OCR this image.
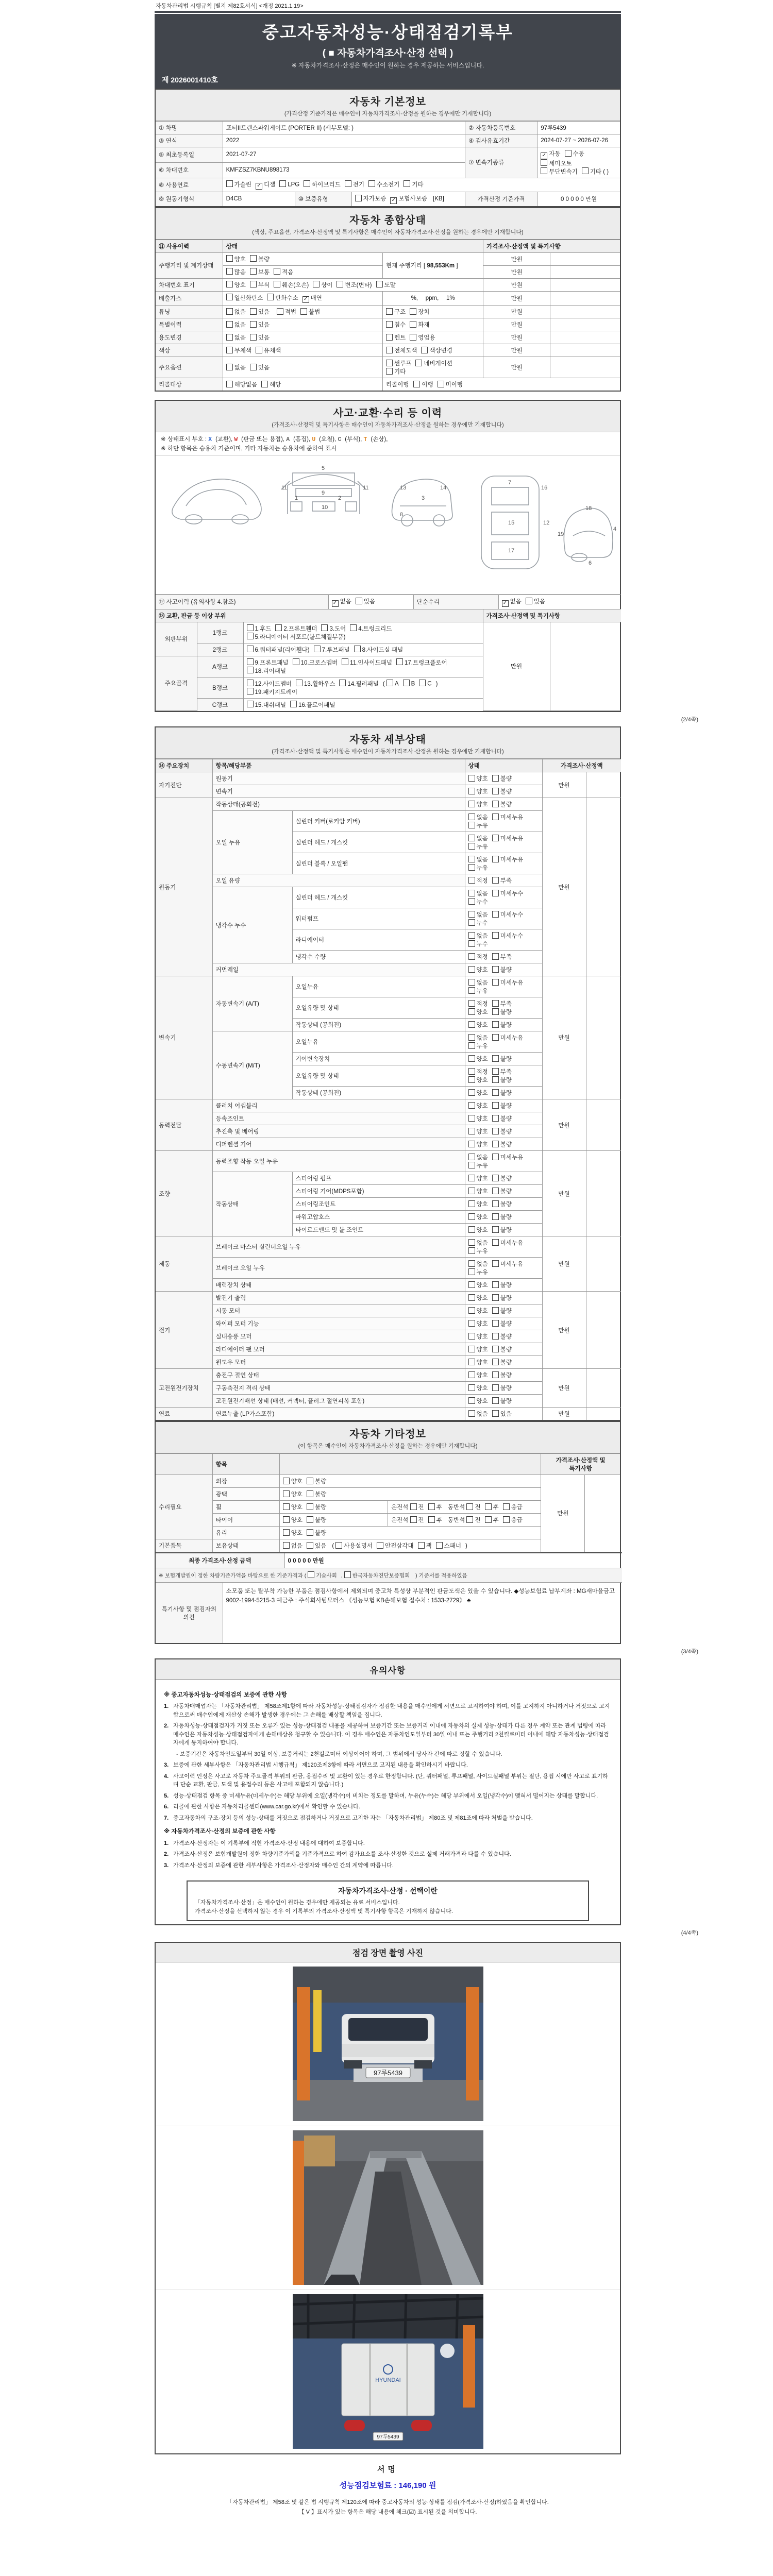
자동차관리법 시행규칙 [별지 제82호서식] <개정 2021.1.19>
중고자동차성능·상태점검기록부
( ■ 자동차가격조사·산정 선택 )
※ 자동차가격조사·산정은 매수인이 원하는 경우 제공하는 서비스입니다.
제 2026001410호
자동차 기본정보
(가격산정 기준가격은 매수인이 자동차가격조사·산정을 원하는 경우에만 기재합니다)
① 차명	포터II트랜스파워게이트 (PORTER II) (세부모델: )			② 자동차등록번호	97루5439

③ 연식	2022			④ 검사유효기간	2024-07-27 ~ 2026-07-26

⑤ 최초등록일	2021-07-27			⑦ 변속기종류	✓ 자동 수동세미오토
무단변속기 기타 ( )

⑥ 차대번호	KMFZSZ7KBNU898173				

⑧ 사용연료	가솔린 ✓ 디젤 LPG 하이브리드 전기 수소전기 기타				

⑨ 원동기형식	D4CB	⑩ 보증유형	자가보증 ✓ 보험사보증 [KB]	가격산정 기준가격	0 0 0 0 0 만원
자동차 종합상태
(색상, 주요옵션, 가격조사·산정액 및 특기사항은 매수인이 자동차가격조사·산정을 원하는 경우에만 기재합니다)
⑪ 사용이력	상태		가격조사·산정액 및 특기사항	

주행거리 및 계기상태	양호 불량	현재 주행거리 [ 98,553Km ]	만원	

	많음 보통 적음		만원	

차대번호 표기	양호 부식 훼손(오손) 상이 변조(변타) 도말		만원	

배출가스	일산화탄소 탄화수소 ✓ 매연	%,  ppm,  1%	만원	

튜닝	없음 있음  적법 불법	구조 장치	만원	

특별이력	없음 있음	침수 화재	만원	

용도변경	없음 있음	렌트 영업용	만원	

색상	무채색 유채색	전체도색 색상변경	만원	

주요옵션	없음 있음	썬루프 네비게이션기타	만원	

리콜대상	해당없음 해당	리콜이행  이행 미이행		
사고·교환·수리 등 이력
(가격조사·산정액 및 특기사항은 매수인이 자동차가격조사·산정을 원하는 경우에만 기재합니다)
※ 상태표시 부호 : X (교환), W (판금 또는 용접), A (흠집), U (요철), C (부식), T (손상),
※ 하단 항목은 승용차 기준이며, 기타 자동차는 승용차에 준하여 표시
11
5
9
1	2
10
11	13
3
14
8
7
15
17
12
16
18
4
6
19
⑫ 사고이력 (유의사항 4.참조)	✓ 없음 있음	단순수리	✓ 없음 있음
⑬ 교환, 판금 등 이상 부위			가격조사·산정액 및 특기사항	

외판부위	1랭크	1.후드 2.프론트휀더 3.도어 4.트렁크리드
5.라디에이터 서포트(볼트체결부품)	만원	

	2랭크	6.쿼터패널(리어휀다) 7.루브패널 8.사이드실 패널		

주요골격	A랭크	9.프론트패널 10.크로스멤버 11.인사이드패널 17.트렁크플로어
18.리어패널		

	B랭크	12.사이드멤버 13.휠하우스 14.필러패널 ( A B C )
19.패키지트레이		

	C랭크	15.대쉬패널 16.플로어패널		
(2/4쪽)
자동차 세부상태
(가격조사·산정액 및 특기사항은 매수인이 자동차가격조사·산정을 원하는 경우에만 기재합니다)
⑭ 주요장치	항목/해당부품		상태	가격조사·산정액	

자기진단	원동기		양호 불량	만원	

	변속기		양호 불량		

원동기	작동상태(공회전)		양호 불량	만원	

	오일 누유	실린더 커버(로커암 커버)	없음 미세누유누유		

		실린더 헤드 / 개스킷	없음 미세누유누유		

		실린더 블록 / 오일팬	없음 미세누유누유		

	오일 유량		적정 부족		

	냉각수 누수	실린더 헤드 / 개스킷	없음 미세누수누수		

		워터펌프	없음 미세누수누수		

		라디에이터	없음 미세누수누수		

		냉각수 수량	적정 부족		

	커먼레일		양호 불량		

변속기	자동변속기 (A/T)	오일누유	없음 미세누유누유	만원	

		오일유량 및 상태	적정 부족양호 불량		

		작동상태 (공회전)	양호 불량		

	수동변속기 (M/T)	오일누유	없음 미세누유누유		

		기어변속장치	양호 불량		

		오일유량 및 상태	적정 부족양호 불량		

		작동상태 (공회전)	양호 불량		

동력전달	클러치 어셈블리		양호 불량	만원	

	등속조인트		양호 불량		

	추진축 및 베어링		양호 불량		

	디퍼렌셜 기어		양호 불량		

조향	동력조향 작동 오일 누유		없음 미세누유누유	만원	

	작동상태	스티어링 펌프	양호 불량		

		스티어링 기어(MDPS포함)	양호 불량		

		스티어링조인트	양호 불량		

		파워고압호스	양호 불량		

		타이로드엔드 및 볼 조인트	양호 불량		

제동	브레이크 마스터 실린더오일 누유		없음 미세누유누유	만원	

	브레이크 오일 누유		없음 미세누유누유		

	배력장치 상태		양호 불량		

전기	발전기 출력		양호 불량	만원	

	시동 모터		양호 불량		

	와이퍼 모터 기능		양호 불량		

	실내송풍 모터		양호 불량		

	라디에이터 팬 모터		양호 불량		

	윈도우 모터		양호 불량		

고전원전기장치	충전구 절연 상태		양호 불량	만원	

	구동축전지 격리 상태		양호 불량		

	고전원전기배선 상태 (배선, 커넥터, 플러그 절연피복 포함)		양호 불량		

연료	연료누출 (LP가스포함)		없음 있음	만원	

자동차 기타정보
(이 항목은 매수인이 자동차가격조사·산정을 원하는 경우에만 기재합니다)

	항목			가격조사·산정액 및 특기사항	

수리필요	외장	양호 불량		만원	

	광택	양호 불량			

	휠	양호 불량	운전석 전 후 동반석 전 후 응급		

	타이어	양호 불량	운전석 전 후 동반석 전 후 응급		

	유리	양호 불량			

기본품목	보유상태	없음 있음 ( 사용설명서 안전삼각대 잭 스패너 )			
최종 가격조사·산정 금액	0 0 0 0 0 만원

※ 보험개발원이 정한 차량기준가액을 바탕으로 한 기준가격과 ( 기술사회 , 한국자동차진단보증협회 ) 기준서를 적용하였음
특기사항 및 점검자의 의견

소모품 또는 탈부착 가능한 부품은 점검사항에서 제외되며 중고차 특성상 부분적인 판금도색은 있을 수 있습니다. ◆성능보험료 납부계좌 : MG새마을금고 9002-1994-5215-3 예금주 : 주식회사팀모터스 《성능보험 KB손해보험 접수처 : 1533-2729》 ♣
(3/4쪽)
유의사항
※ 중고자동차성능·상태점검의 보증에 관한 사항
1. 자동차매매업자는 「자동차관리법」 제58조제1항에 따라 자동차성능·상태점검자가 점검한 내용을 매수인에게 서면으로 고지하여야 하며, 이를 고지하지 아니하거나 거짓으로 고지함으로써 매수인에게 재산상 손해가 발생한 경우에는 그 손해를 배상할 책임을 집니다.
2. 자동차성능·상태점검자가 거짓 또는 오류가 있는 성능·상태점검 내용을 제공하여 보증기간 또는 보증거리 이내에 자동차의 실제 성능·상태가 다른 경우 계약 또는 관계 법령에 따라 매수인은 자동차성능·상태점검자에게 손해배상을 청구할 수 있습니다. 이 경우 매수인은 자동차인도일부터 30일 이내 또는 주행거리 2천킬로미터 이내에 해당 자동차성능·상태점검자에게 통지하여야 합니다.
- 보증기간은 자동차인도일부터 30일 이상, 보증거리는 2천킬로미터 이상이어야 하며, 그 범위에서 당사자 간에 따로 정할 수 있습니다.
3. 보증에 관한 세부사항은 「자동차관리법 시행규칙」 제120조제3항에 따라 서면으로 고지된 내용을 확인하시기 바랍니다.
4. 사고이력 인정은 사고로 자동차 주요골격 부위의 판금, 용접수리 및 교환이 있는 경우로 한정합니다. (단, 쿼터패널, 루프패널, 사이드실패널 부위는 절단, 용접 시에만 사고로 표기하며 단순 교환, 판금, 도색 및 용접수리 등은 사고에 포함되지 않습니다.)
5. 성능·상태점검 항목 중 미세누유(미세누수)는 해당 부위에 오일(냉각수)이 비치는 정도를 말하며, 누유(누수)는 해당 부위에서 오일(냉각수)이 맺혀서 떨어지는 상태를 말합니다.
6. 리콜에 관한 사항은 자동차리콜센터(www.car.go.kr)에서 확인할 수 있습니다.
7. 중고자동차의 구조·장치 등의 성능·상태를 거짓으로 점검하거나 거짓으로 고지한 자는 「자동차관리법」 제80조 및 제81조에 따라 처벌을 받습니다.
※ 자동차가격조사·산정의 보증에 관한 사항
1. 가격조사·산정자는 이 기록부에 적힌 가격조사·산정 내용에 대하여 보증합니다.
2. 가격조사·산정은 보험개발원이 정한 차량기준가액을 기준가격으로 하여 감가요소를 조사·산정한 것으로 실제 거래가격과 다를 수 있습니다.
3. 가격조사·산정의 보증에 관한 세부사항은 가격조사·산정자와 매수인 간의 계약에 따릅니다.
자동차가격조사·산정 · 선택이란
「자동차가격조사·산정」은 매수인이 원하는 경우에만 제공되는 유료 서비스입니다.
가격조사·산정을 선택하지 않는 경우 이 기록부의 가격조사·산정액 및 특기사항 항목은 기재하지 않습니다.
(4/4쪽)
점검 장면 촬영 사진
97루5439
HYUNDAI
97루5439
서명
성능점검보험료 : 146,190 원
「자동차관리법」 제58조 및 같은 법 시행규칙 제120조에 따라 중고자동차의 성능·상태를 점검(가격조사·산정)하였음을 확인합니다.
【 V 】표시가 있는 항목은 해당 내용에 체크(☑) 표시된 것을 의미합니다.
